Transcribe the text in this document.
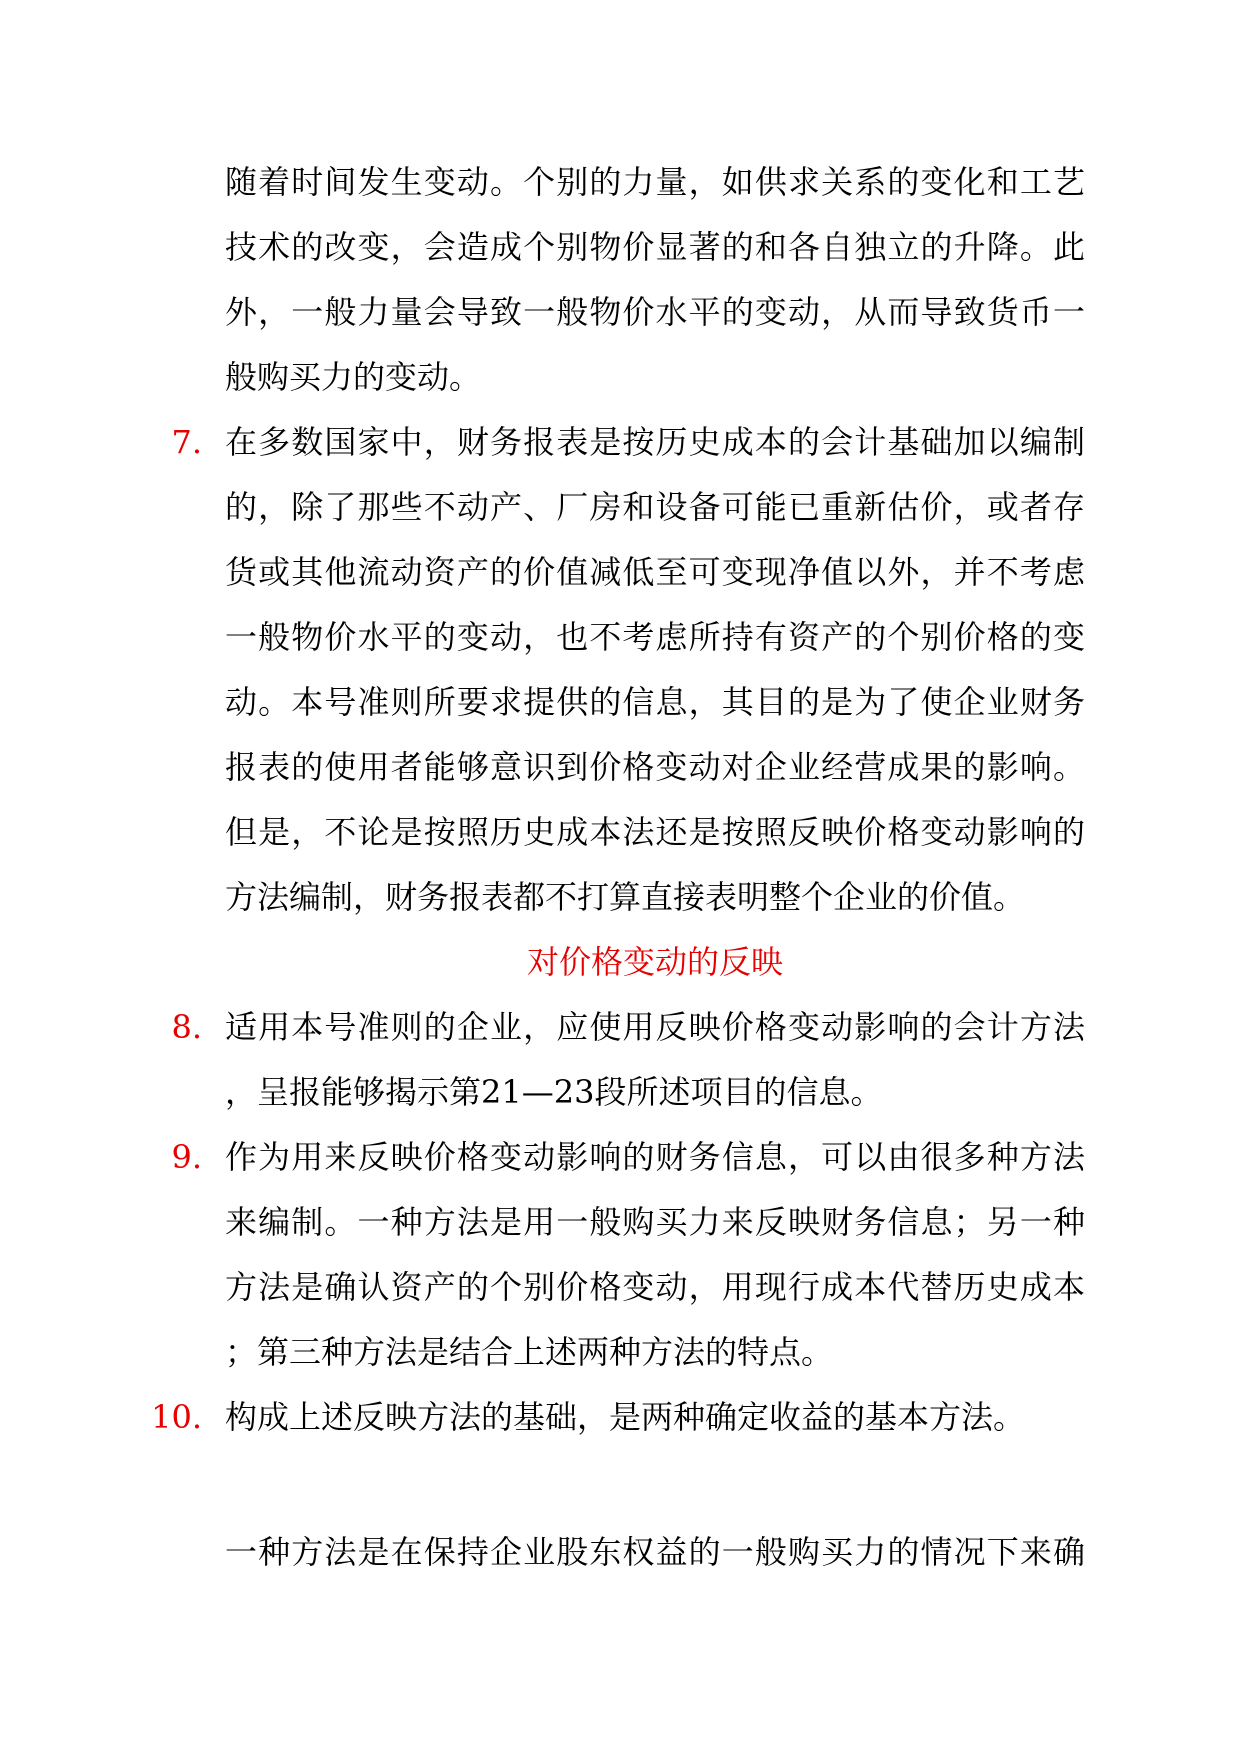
随着时间发生变动。个别的力量，如供求关系的变化和工艺
技术的改变，会造成个别物价显著的和各自独立的升降。此
外，一般力量会导致一般物价水平的变动，从而导致货币一
般购买力的变动。
7. 在多数国家中，财务报表是按历史成本的会计基础加以编制
的，除了那些不动产、厂房和设备可能已重新估价，或者存
货或其他流动资产的价值减低至可变现净值以外，并不考虑
一般物价水平的变动，也不考虑所持有资产的个别价格的变
动。本号准则所要求提供的信息，其目的是为了使企业财务
报表的使用者能够意识到价格变动对企业经营成果的影响。
但是，不论是按照历史成本法还是按照反映价格变动影响的
方法编制，财务报表都不打算直接表明整个企业的价值。
对价格变动的反映
8. 适用本号准则的企业，应使用反映价格变动影响的会计方法
，呈报能够揭示第21—23段所述项目的信息。
9. 作为用来反映价格变动影响的财务信息，可以由很多种方法
来编制。一种方法是用一般购买力来反映财务信息；另一种
方法是确认资产的个别价格变动，用现行成本代替历史成本
；第三种方法是结合上述两种方法的特点。
10. 构成上述反映方法的基础，是两种确定收益的基本方法。
一种方法是在保持企业股东权益的一般购买力的情况下来确
